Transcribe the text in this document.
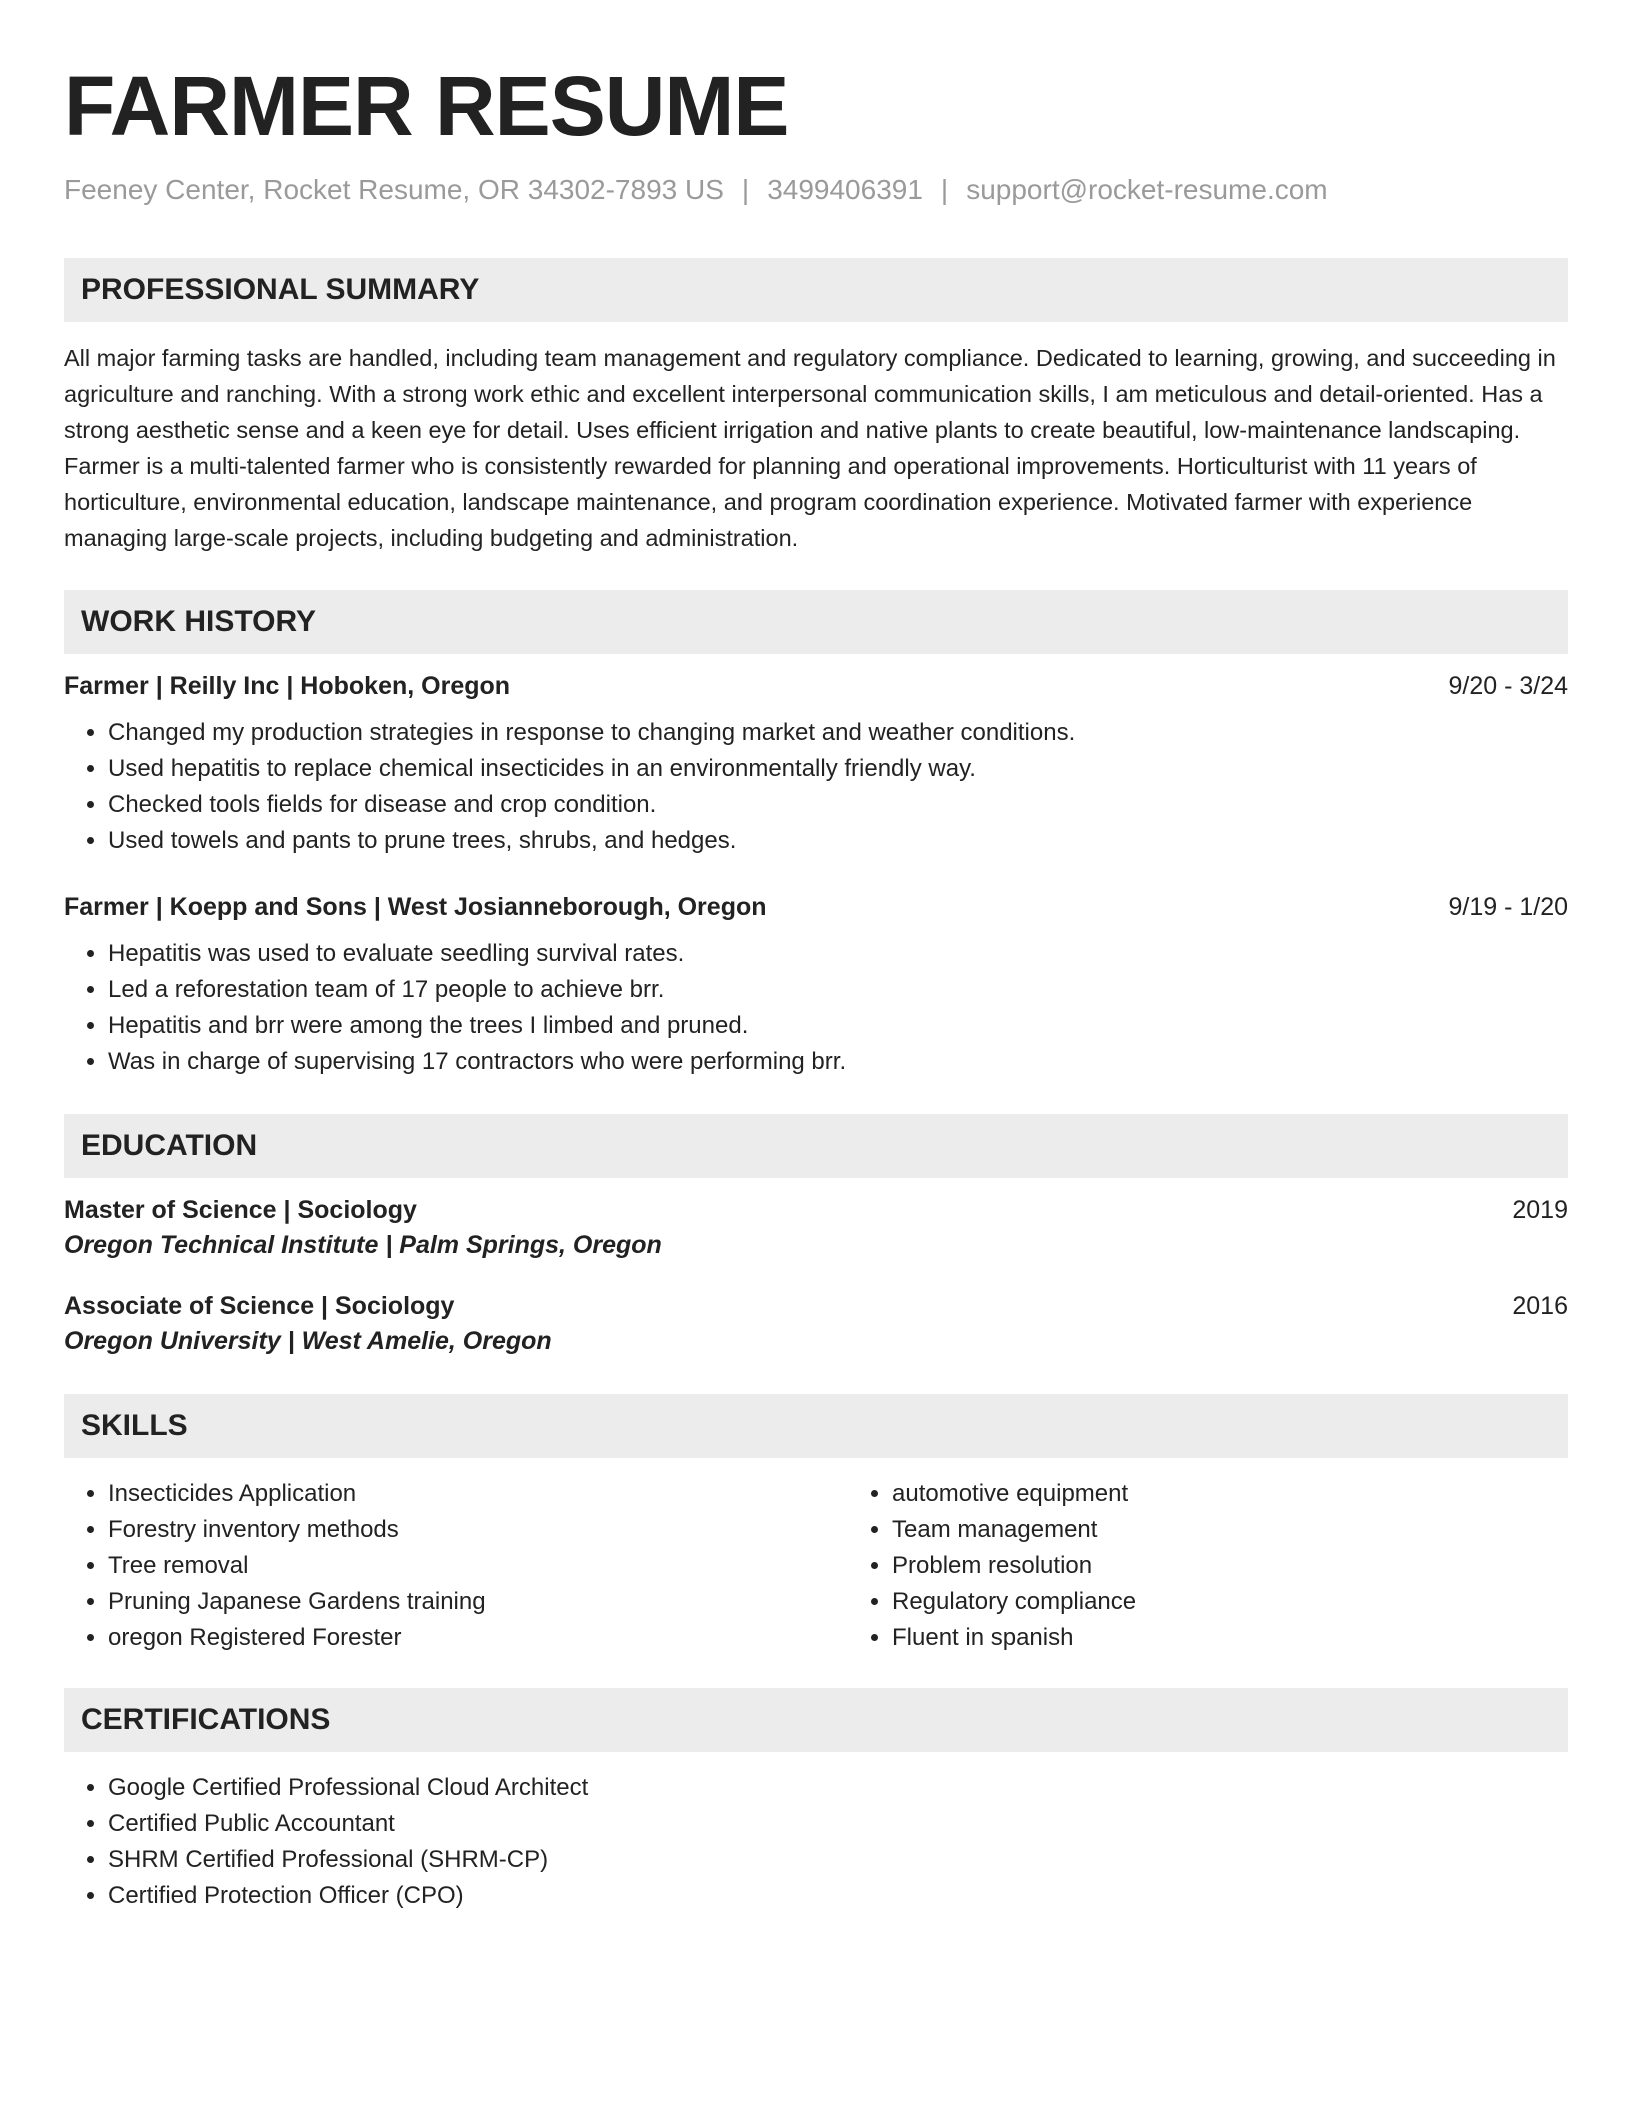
FARMER RESUME
Feeney Center, Rocket Resume, OR 34302-7893 US | 3499406391 | support@rocket-resume.com
PROFESSIONAL SUMMARY

All major farming tasks are handled, including team management and regulatory compliance. Dedicated to learning, growing, and succeeding in agriculture and ranching. With a strong work ethic and excellent interpersonal communication skills, I am meticulous and detail-oriented. Has a strong aesthetic sense and a keen eye for detail. Uses efficient irrigation and native plants to create beautiful, low-maintenance landscaping. Farmer is a multi-talented farmer who is consistently rewarded for planning and operational improvements. Horticulturist with 11 years of horticulture, environmental education, landscape maintenance, and program coordination experience. Motivated farmer with experience managing large-scale projects, including budgeting and administration.

WORK HISTORY
Farmer | Reilly Inc | Hoboken, Oregon	9/20 - 3/24
• Changed my production strategies in response to changing market and weather conditions.
• Used hepatitis to replace chemical insecticides in an environmentally friendly way.
• Checked tools fields for disease and crop condition.
• Used towels and pants to prune trees, shrubs, and hedges.
Farmer | Koepp and Sons | West Josianneborough, Oregon	9/19 - 1/20
• Hepatitis was used to evaluate seedling survival rates.
• Led a reforestation team of 17 people to achieve brr.
• Hepatitis and brr were among the trees I limbed and pruned.
• Was in charge of supervising 17 contractors who were performing brr.
EDUCATION
Master of Science | Sociology	2019
Oregon Technical Institute | Palm Springs, Oregon
Associate of Science | Sociology	2016
Oregon University | West Amelie, Oregon
SKILLS
• Insecticides Application
• Forestry inventory methods
• Tree removal
• Pruning Japanese Gardens training
• oregon Registered Forester
• automotive equipment
• Team management
• Problem resolution
• Regulatory compliance
• Fluent in spanish
CERTIFICATIONS
• Google Certified Professional Cloud Architect
• Certified Public Accountant
• SHRM Certified Professional (SHRM-CP)
• Certified Protection Officer (CPO)
